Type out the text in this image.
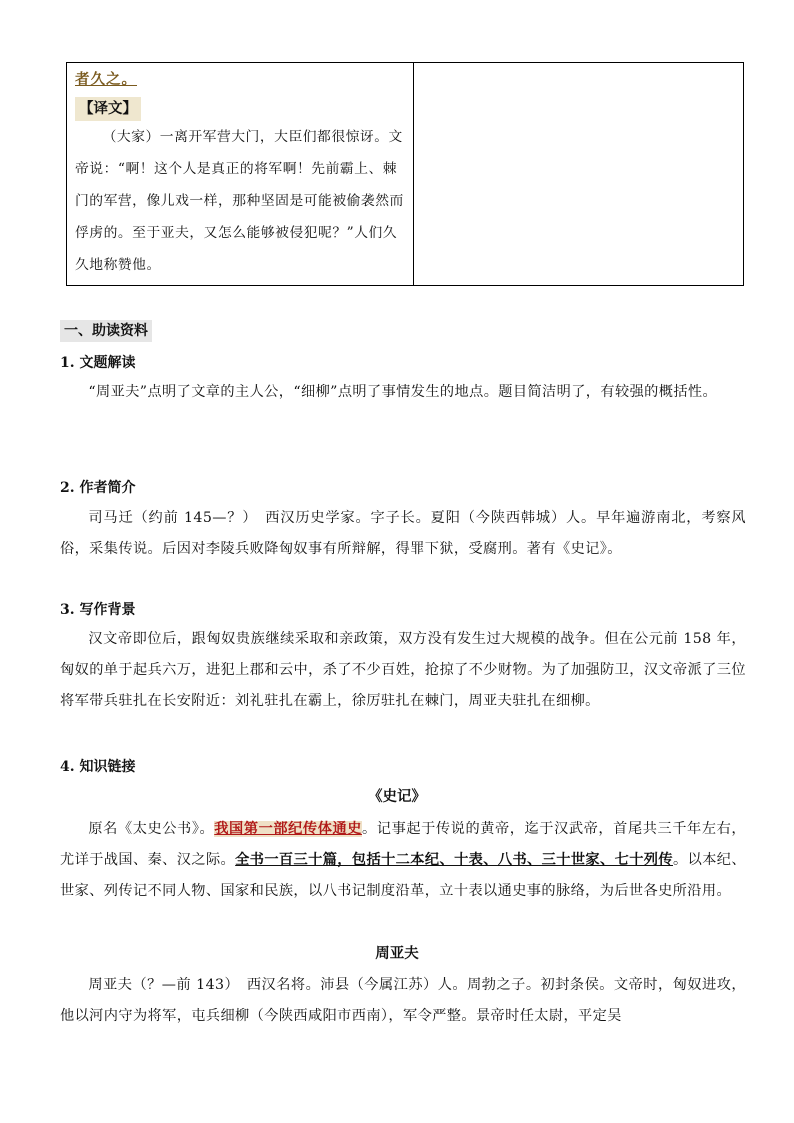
者久之。
【译文】

（大家）一离开军营大门，大臣们都很惊讶。文帝说：“啊！这个人是真正的将军啊！先前霸上、棘门的军营，像儿戏一样，那种坚固是可能被偷袭然而俘虏的。至于亚夫，又怎么能够被侵犯呢？”人们久久地称赞他。

一、助读资料
1. 文题解读

“周亚夫”点明了文章的主人公，“细柳”点明了事情发生的地点。题目简洁明了，有较强的概括性。

2. 作者简介

司马迁（约前 145—？）　西汉历史学家。字子长。夏阳（今陕西韩城）人。早年遍游南北，考察风俗，采集传说。后因对李陵兵败降匈奴事有所辩解，得罪下狱，受腐刑。著有《史记》。

3. 写作背景

汉文帝即位后，跟匈奴贵族继续采取和亲政策，双方没有发生过大规模的战争。但在公元前 158 年，匈奴的单于起兵六万，进犯上郡和云中，杀了不少百姓，抢掠了不少财物。为了加强防卫，汉文帝派了三位将军带兵驻扎在长安附近：刘礼驻扎在霸上，徐厉驻扎在棘门，周亚夫驻扎在细柳。

4. 知识链接
《史记》

原名《太史公书》。我国第一部纪传体通史。记事起于传说的黄帝，迄于汉武帝，首尾共三千年左右，尤详于战国、秦、汉之际。全书一百三十篇，包括十二本纪、十表、八书、三十世家、七十列传。以本纪、世家、列传记不同人物、国家和民族，以八书记制度沿革，立十表以通史事的脉络，为后世各史所沿用。

周亚夫

周亚夫（？—前 143）　西汉名将。沛县（今属江苏）人。周勃之子。初封条侯。文帝时，匈奴进攻，他以河内守为将军，屯兵细柳（今陕西咸阳市西南），军令严整。景帝时任太尉，平定吴
